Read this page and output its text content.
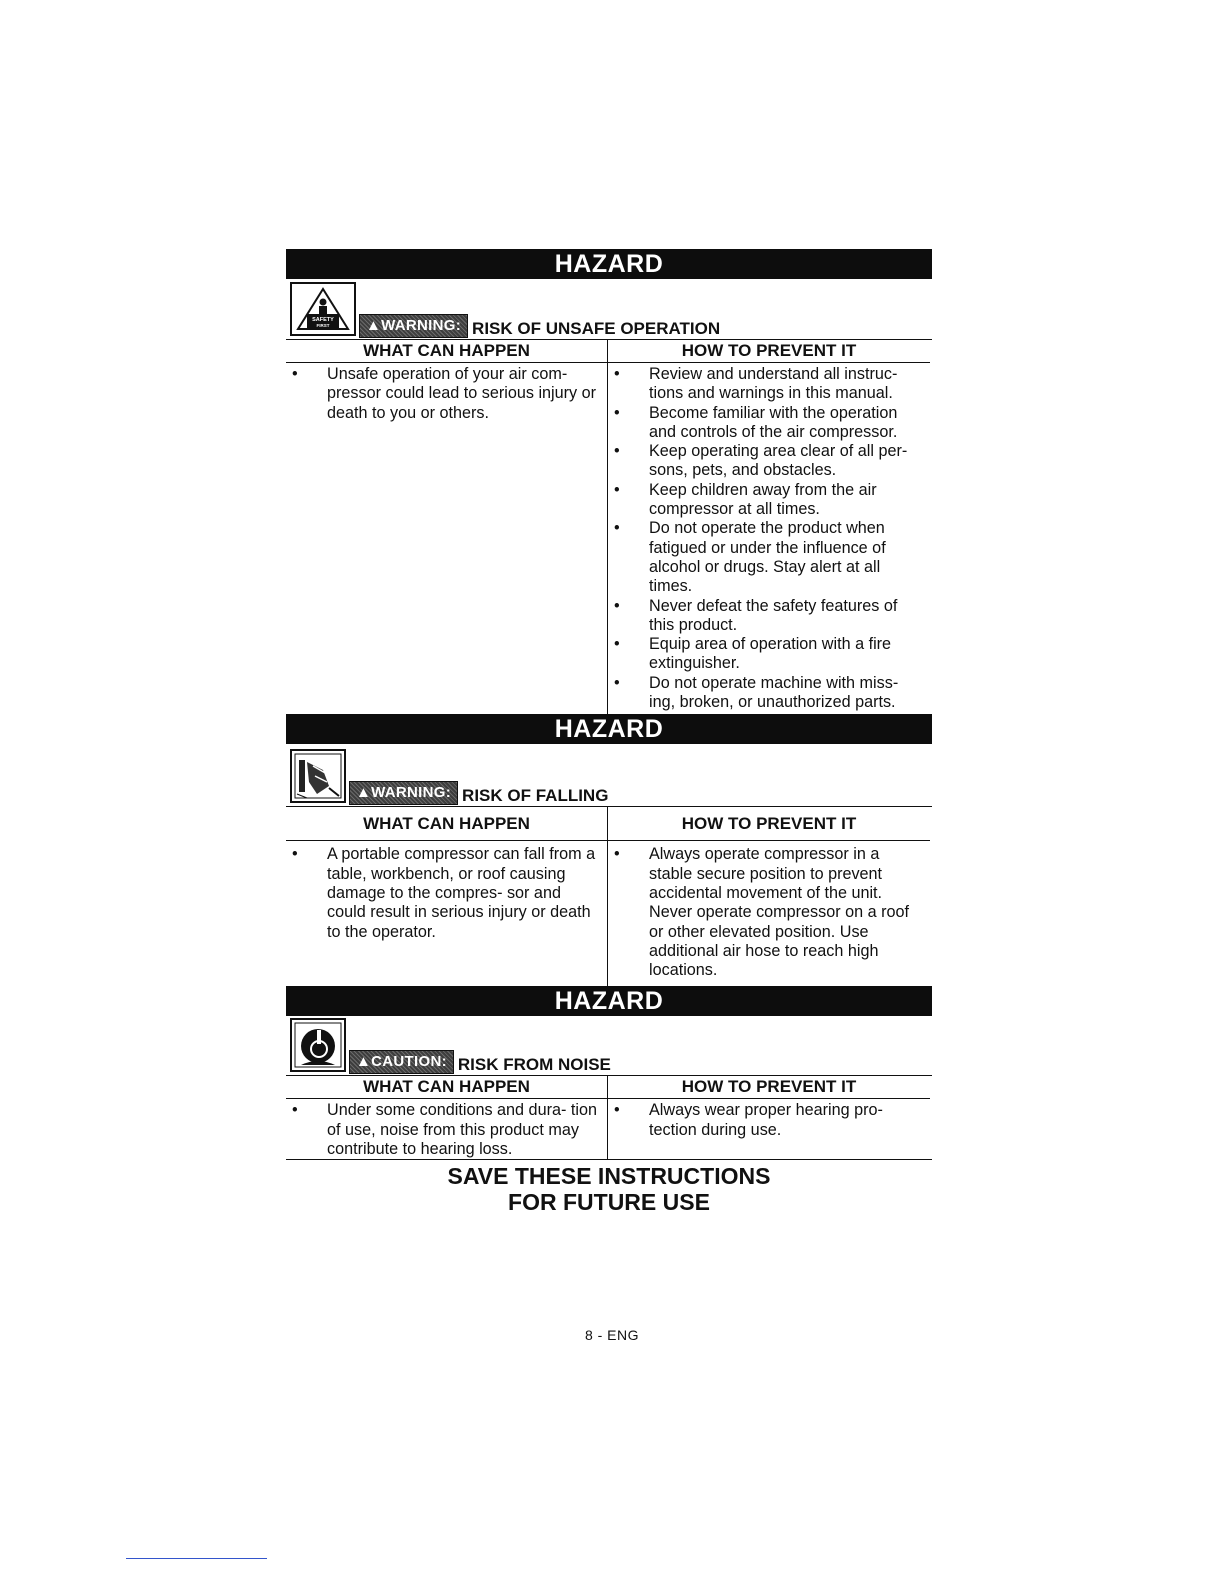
HAZARD
SAFETY
FIRST	▲WARNING: RISK OF UNSAFE OPERATION
WHAT CAN HAPPEN
• Unsafe operation of your air com- pressor could lead to serious injury or death to you or others.
HOW TO PREVENT IT
• Review and understand all instruc- tions and warnings in this manual.
• Become familiar with the operation and controls of the air compressor.
• Keep operating area clear of all per- sons, pets, and obstacles.
• Keep children away from the air compressor at all times.
• Do not operate the product when fatigued or under the influence of alcohol or drugs. Stay alert at all times.
• Never defeat the safety features of this product.
• Equip area of operation with a fire extinguisher.
• Do not operate machine with miss- ing, broken, or unauthorized parts.
HAZARD
▲WARNING: RISK OF FALLING
WHAT CAN HAPPEN
• A portable compressor can fall from a table, workbench, or roof causing damage to the compres- sor and could result in serious injury or death to the operator.
HOW TO PREVENT IT
• Always operate compressor in a stable secure position to prevent accidental movement of the unit. Never operate compressor on a roof or other elevated position. Use additional air hose to reach high locations.
HAZARD
▲CAUTION: RISK FROM NOISE
WHAT CAN HAPPEN
• Under some conditions and dura- tion of use, noise from this product may contribute to hearing loss.
HOW TO PREVENT IT
• Always wear proper hearing pro- tection during use.
SAVE THESE INSTRUCTIONS
FOR FUTURE USE
8 - ENG
